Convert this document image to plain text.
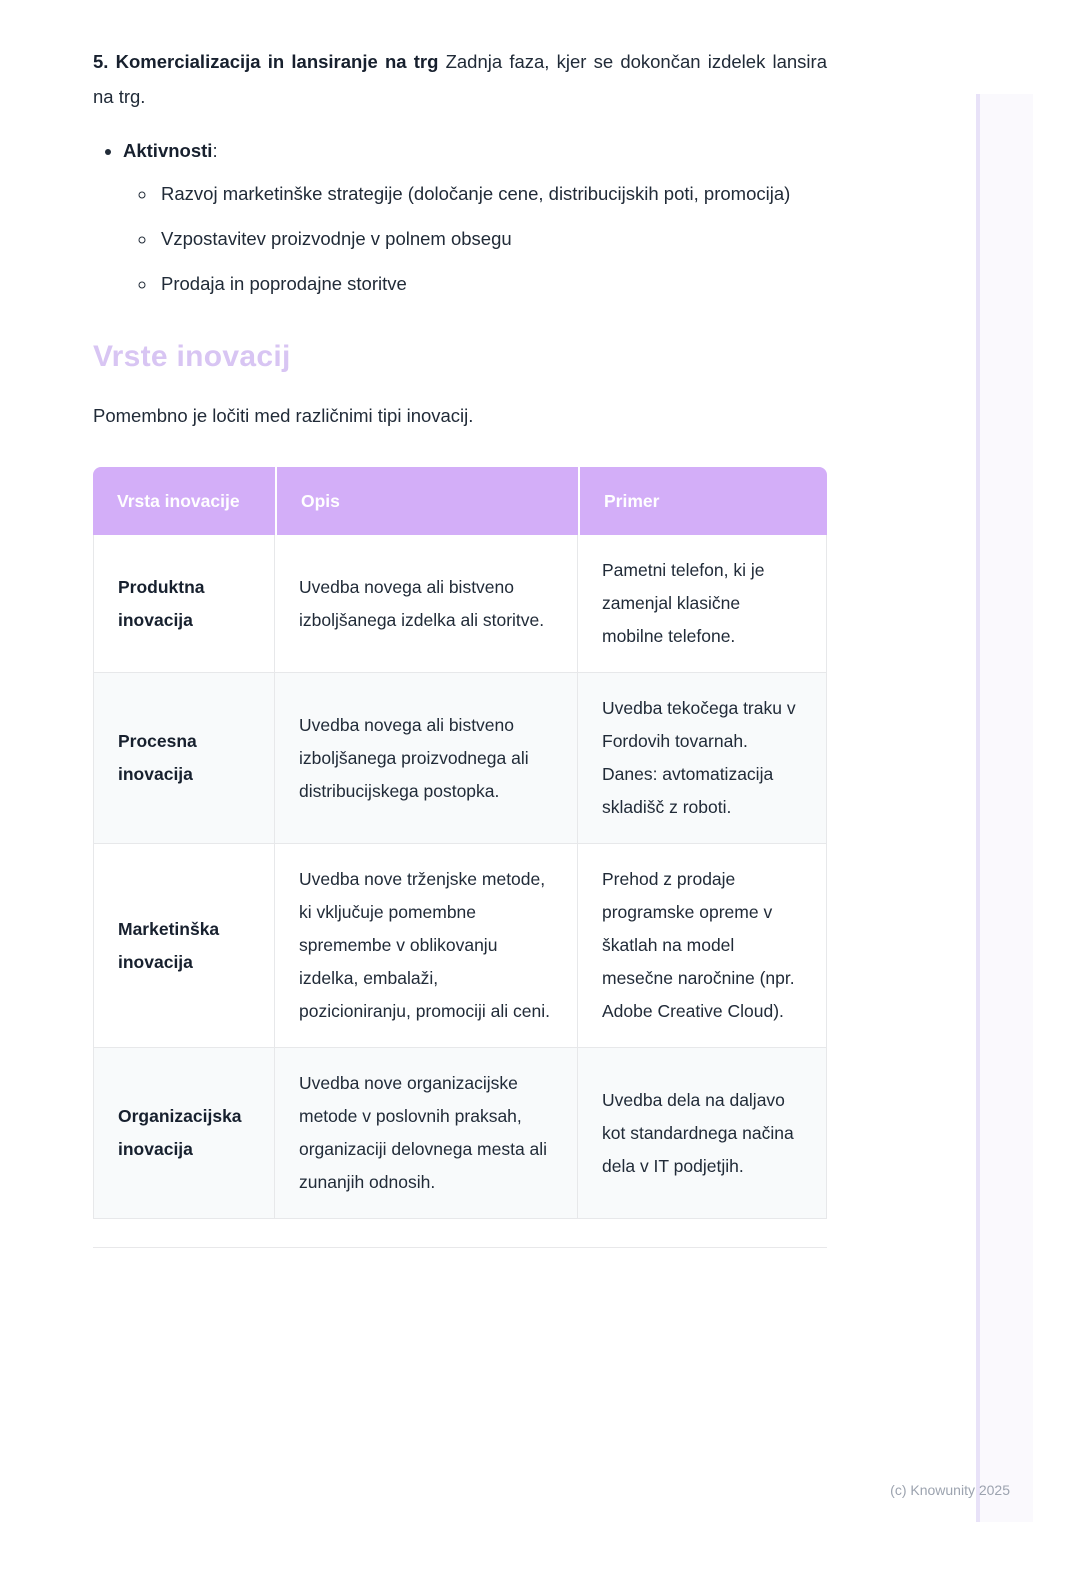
5. Komercializacija in lansiranje na trg Zadnja faza, kjer se dokončan izdelek lansira na trg.

• Aktivnosti:
◦ Razvoj marketinške strategije (določanje cene, distribucijskih poti, promocija)
◦ Vzpostavitev proizvodnje v polnem obsegu
◦ Prodaja in poprodajne storitve
Vrste inovacij

Pomembno je ločiti med različnimi tipi inovacij.

Vrsta inovacije	Opis	Primer
Produktna inovacija	Uvedba novega ali bistveno izboljšanega izdelka ali storitve.	Pametni telefon, ki je zamenjal klasične mobilne telefone.
Procesna inovacija	Uvedba novega ali bistveno izboljšanega proizvodnega ali distribucijskega postopka.	Uvedba tekočega traku v Fordovih tovarnah. Danes: avtomatizacija skladišč z roboti.
Marketinška inovacija	Uvedba nove trženjske metode, ki vključuje pomembne spremembe v oblikovanju izdelka, embalaži, pozicioniranju, promociji ali ceni.	Prehod z prodaje programske opreme v škatlah na model mesečne naročnine (npr. Adobe Creative Cloud).
Organizacijska inovacija	Uvedba nove organizacijske metode v poslovnih praksah, organizaciji delovnega mesta ali zunanjih odnosih.	Uvedba dela na daljavo kot standardnega načina dela v IT podjetjih.
(c) Knowunity 2025
